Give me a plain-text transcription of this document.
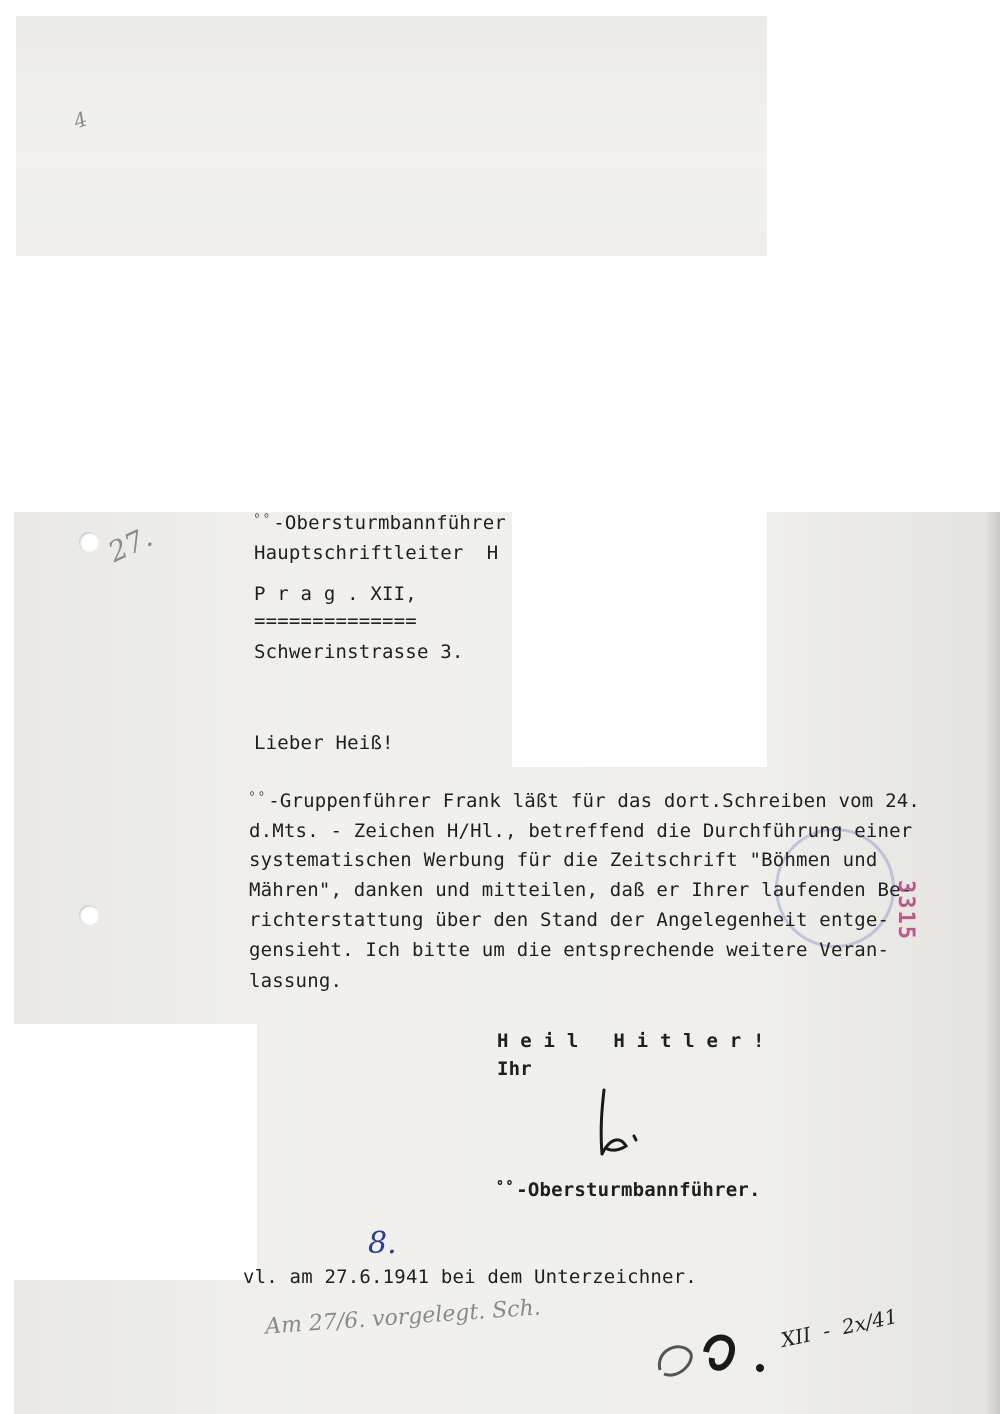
4
27.	ﾟﾟ-Obersturmbannführer
Hauptschriftleiter  H
P r a g . XII,
==============
Schwerinstrasse 3.
Lieber Heiß!
ﾟﾟ-Gruppenführer Frank läßt für das dort.Schreiben vom 24.
d.Mts. - Zeichen H/Hl., betreffend die Durchführung einer
systematischen Werbung für die Zeitschrift "Böhmen und
Mähren", danken und mitteilen, daß er Ihrer laufenden Be-
richterstattung über den Stand der Angelegenheit entge-
gensieht. Ich bitte um die entsprechende weitere Veran-
lassung.
3315
H e i l   H i t l e r !
Ihr
ﾟﾟ-Obersturmbannführer.
8.
vl. am 27.6.1941 bei dem Unterzeichner.
Am 27/6. vorgelegt. Sch.	XII  -  2x/41
